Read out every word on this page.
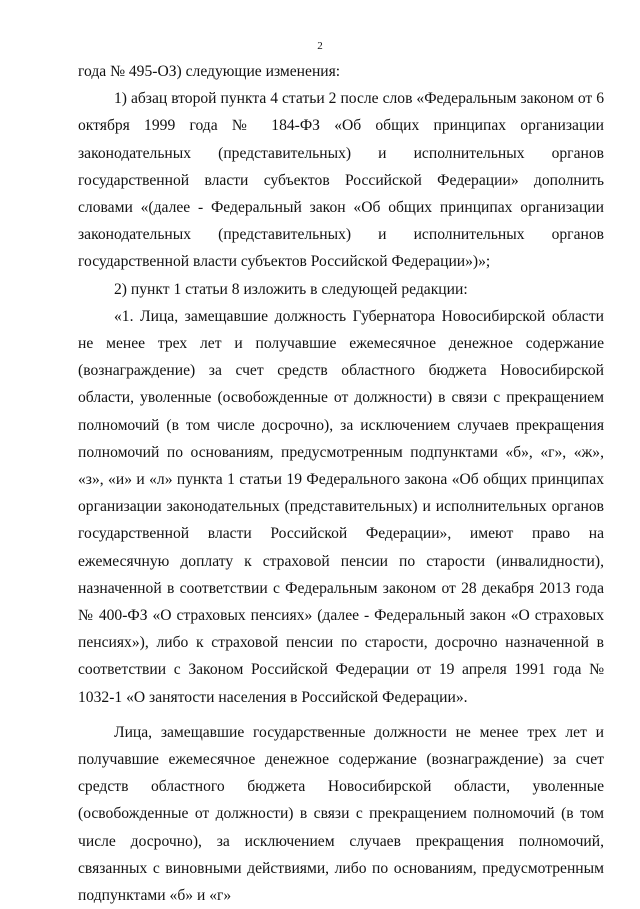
2

года № 495-ОЗ) следующие изменения:

1) абзац второй пункта 4 статьи 2 после слов «Федеральным законом от 6 октября 1999 года № 184-ФЗ «Об общих принципах организации законодательных (представительных) и исполнительных органов государственной власти субъектов Российской Федерации» дополнить словами «(далее - Федеральный закон «Об общих принципах организации законодательных (представительных) и исполнительных органов государственной власти субъектов Российской Федерации»)»;

2) пункт 1 статьи 8 изложить в следующей редакции:

«1. Лица, замещавшие должность Губернатора Новосибирской области не менее трех лет и получавшие ежемесячное денежное содержание (вознаграждение) за счет средств областного бюджета Новосибирской области, уволенные (освобожденные от должности) в связи с прекращением полномочий (в том числе досрочно), за исключением случаев прекращения полномочий по основаниям, предусмотренным подпунктами «б», «г», «ж», «з», «и» и «л» пункта 1 статьи 19 Федерального закона «Об общих принципах организации законодательных (представительных) и исполнительных органов государственной власти Российской Федерации», имеют право на ежемесячную доплату к страховой пенсии по старости (инвалидности), назначенной в соответствии с Федеральным законом от 28 декабря 2013 года № 400-ФЗ «О страховых пенсиях» (далее - Федеральный закон «О страховых пенсиях»), либо к страховой пенсии по старости, досрочно назначенной в соответствии с Законом Российской Федерации от 19 апреля 1991 года № 1032-1 «О занятости населения в Российской Федерации».

Лица, замещавшие государственные должности не менее трех лет и получавшие ежемесячное денежное содержание (вознаграждение) за счет средств областного бюджета Новосибирской области, уволенные (освобожденные от должности) в связи с прекращением полномочий (в том числе досрочно), за исключением случаев прекращения полномочий, связанных с виновными действиями, либо по основаниям, предусмотренным подпунктами «б» и «г»
